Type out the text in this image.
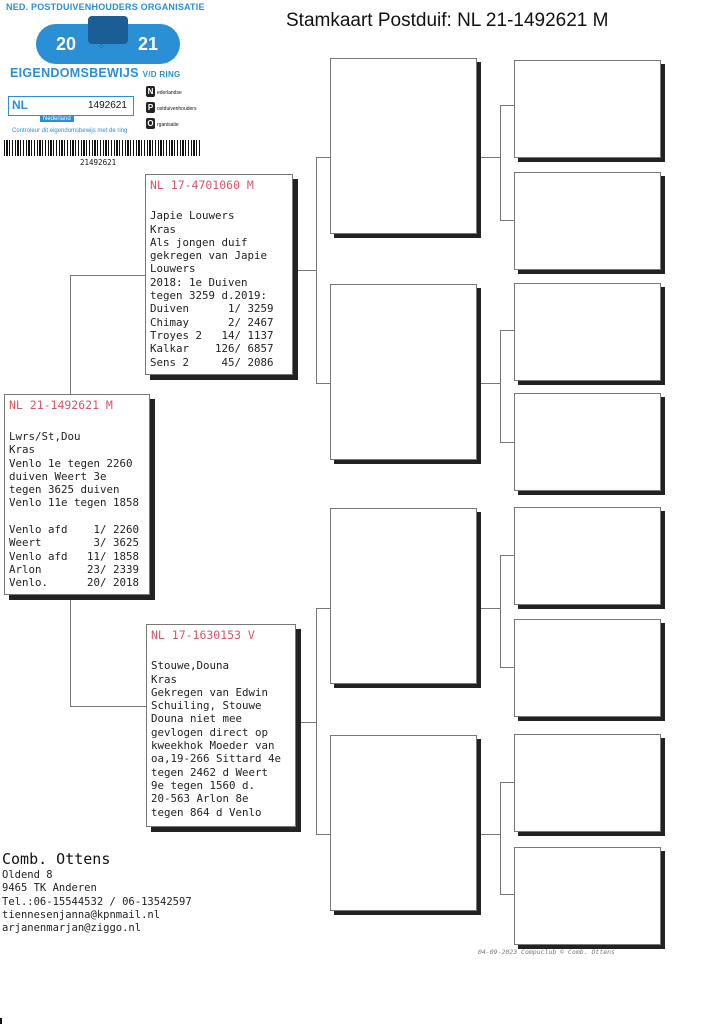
Stamkaart Postduif: NL 21-1492621 M
NED. POSTDUIVENHOUDERS ORGANISATIE
20	21
⁘
EIGENDOMSBEWIJS V/D RING
NL	1492621
Nederland
Controleur dit eigendomsbewijs met de ring
N ederlandse
P ostduivenhouders
O rganisatie
21492621
NL 21-1492621 M
Lwrs/St,Dou
Kras
Venlo 1e tegen 2260
duiven Weert 3e
tegen 3625 duiven
Venlo 11e tegen 1858

Venlo afd    1/ 2260
Weert        3/ 3625
Venlo afd   11/ 1858
Arlon       23/ 2339
Venlo.      20/ 2018
NL 17-4701060 M

Japie Louwers
Kras
Als jongen duif
gekregen van Japie
Louwers
2018: 1e Duiven
tegen 3259 d.2019:
Duiven      1/ 3259
Chimay      2/ 2467
Troyes 2   14/ 1137
Kalkar    126/ 6857
Sens 2     45/ 2086
NL 17-1630153 V

Stouwe,Douna
Kras
Gekregen van Edwin
Schuiling, Stouwe
Douna niet mee
gevlogen direct op
kweekhok Moeder van
oa,19-266 Sittard 4e
tegen 2462 d Weert
9e tegen 1560 d.
20-563 Arlon 8e
tegen 864 d Venlo
Comb. Ottens
Oldend 8
9465 TK Anderen
Tel.:06-15544532 / 06-13542597
tiennesenjanna@kpnmail.nl
arjanenmarjan@ziggo.nl
04-09-2023 Compuclub © Comb. Ottens
